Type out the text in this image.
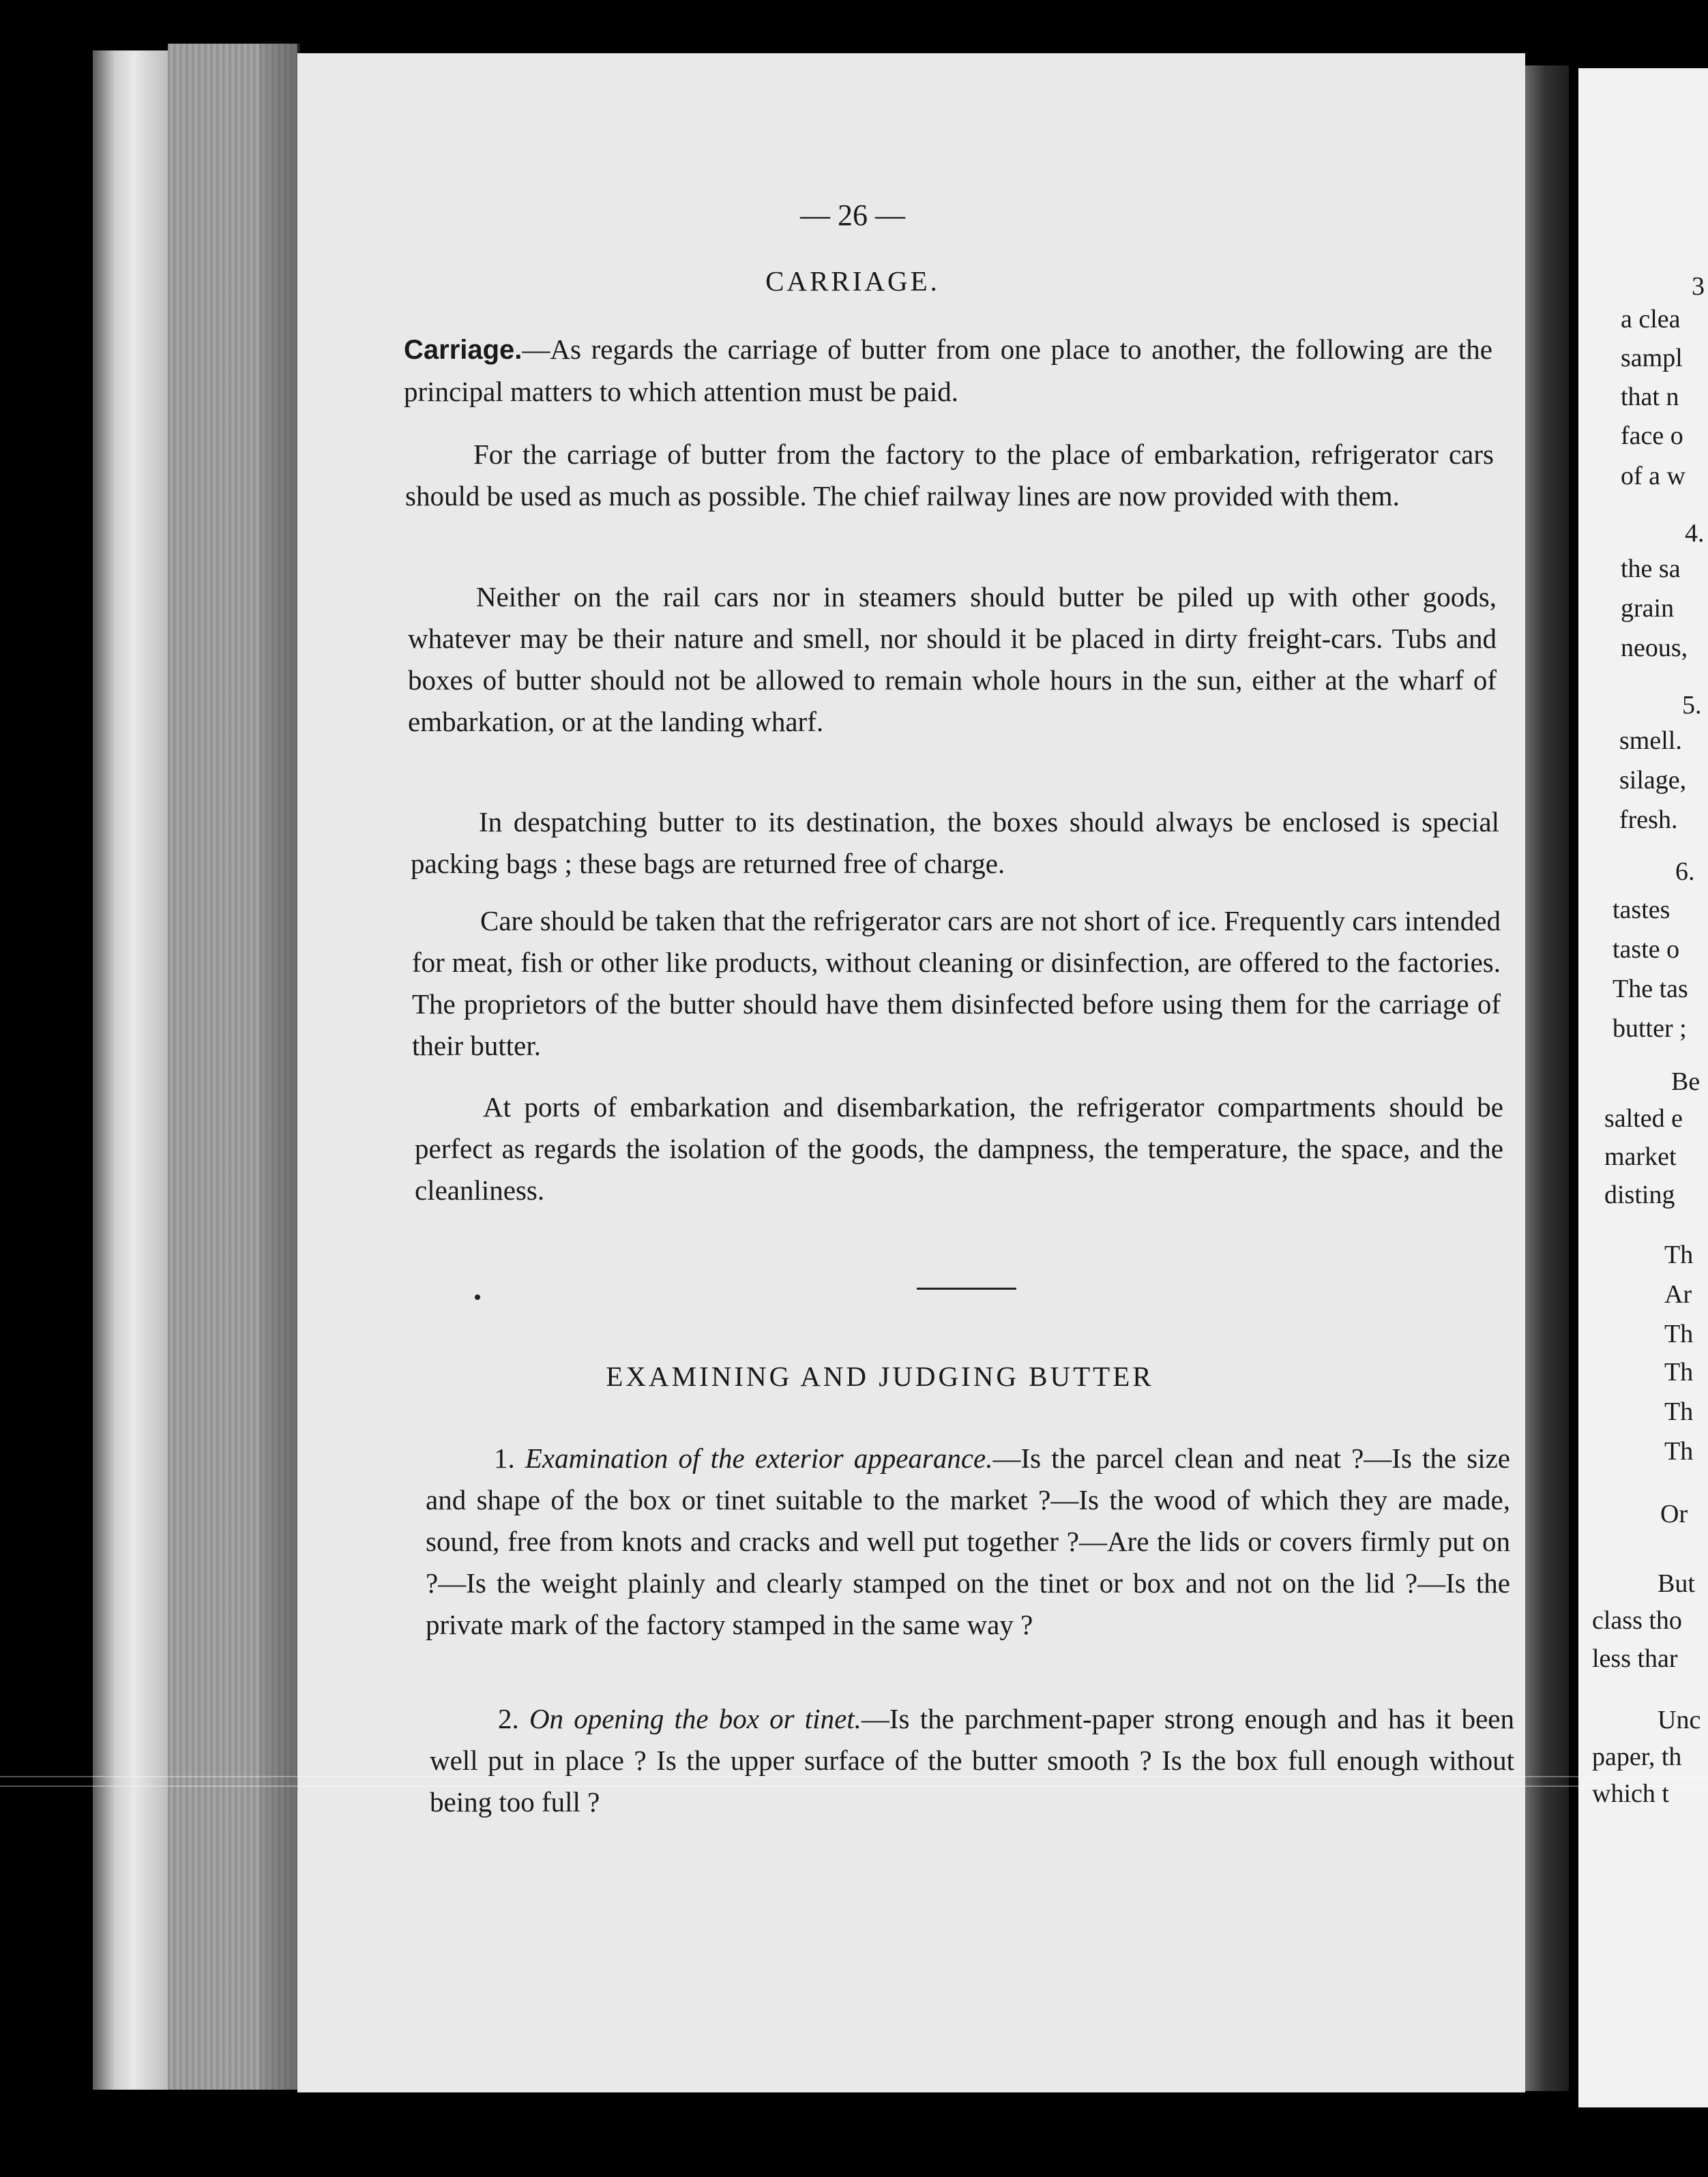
— 26 —
CARRIAGE.
Carriage.—As regards the carriage of butter from one place to another, the following are the principal matters to which attention must be paid.
For the carriage of butter from the factory to the place of embarkation, refrigerator cars should be used as much as possible. The chief railway lines are now provided with them.
Neither on the rail cars nor in steamers should butter be piled up with other goods, whatever may be their nature and smell, nor should it be placed in dirty freight-cars. Tubs and boxes of butter should not be allowed to remain whole hours in the sun, either at the wharf of embarkation, or at the landing wharf.
In despatching butter to its destination, the boxes should always be enclosed is special packing bags ; these bags are returned free of charge.
Care should be taken that the refrigerator cars are not short of ice. Frequently cars intended for meat, fish or other like products, without cleaning or disinfection, are offered to the factories. The proprietors of the butter should have them disinfected before using them for the carriage of their butter.
At ports of embarkation and disembarkation, the refrigerator compartments should be perfect as regards the isolation of the goods, the dampness, the temperature, the space, and the cleanliness.
EXAMINING AND JUDGING BUTTER
1. Examination of the exterior appearance.—Is the parcel clean and neat ?—Is the size and shape of the box or tinet suitable to the market ?—Is the wood of which they are made, sound, free from knots and cracks and well put together ?—Are the lids or covers firmly put on ?—Is the weight plainly and clearly stamped on the tinet or box and not on the lid ?—Is the private mark of the factory stamped in the same way ?
2. On opening the box or tinet.—Is the parchment-paper strong enough and has it been well put in place ? Is the upper surface of the butter smooth ? Is the box full enough without being too full ?
3
a clea
sampl
that n
face o
of a w
4.
the sa
grain
neous,
5.
smell.
silage,
fresh.
6.
tastes
taste o
The tas
butter ;
Be
salted e
market
disting
Th
Ar
Th
Th
Th
Th
Or
But
class tho
less thar
Unc
paper, th
which t
